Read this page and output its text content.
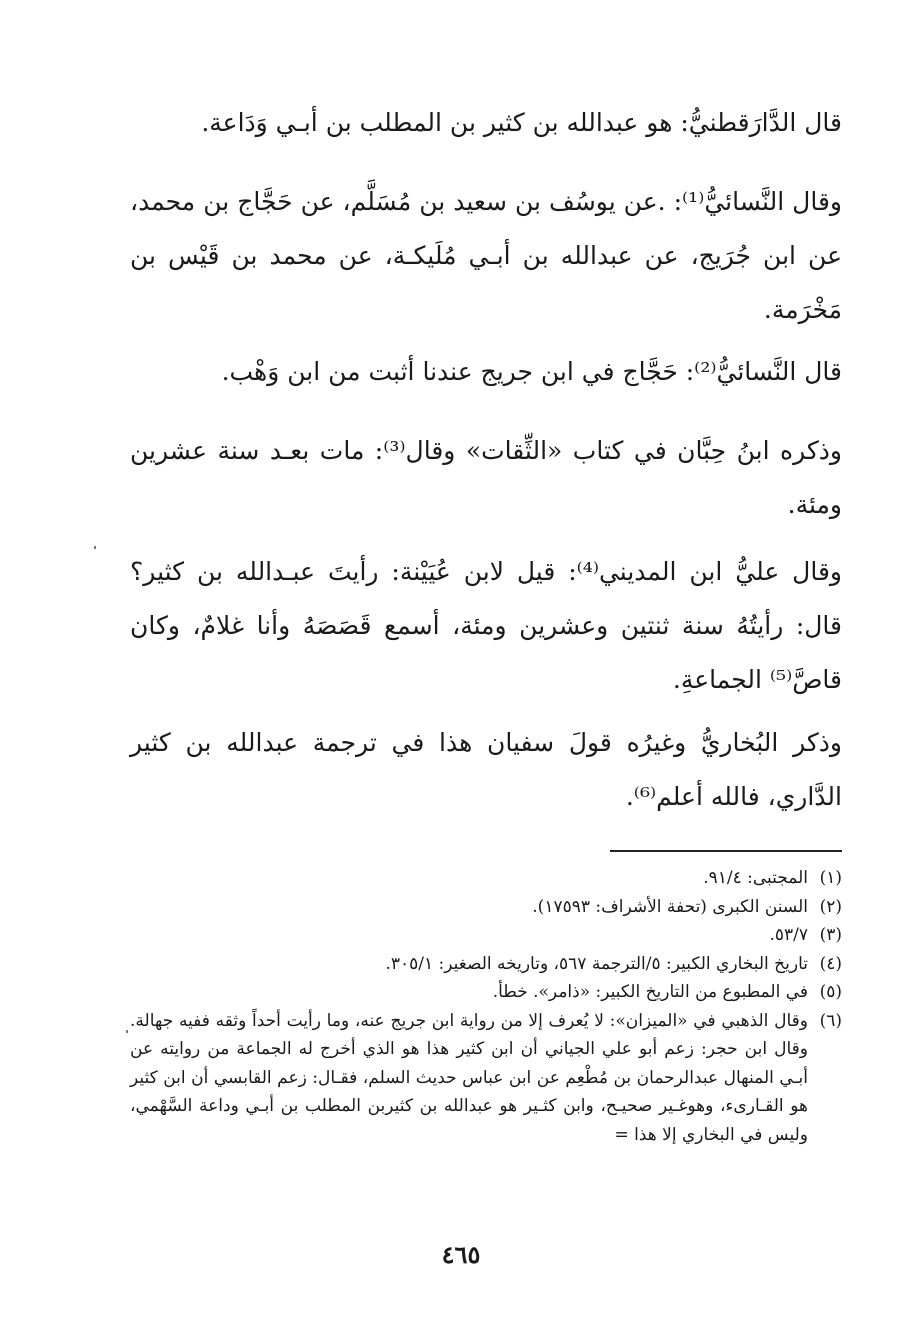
قال الدَّارَقطنيُّ: هو عبدالله بن كثير بن المطلب بن أبـي وَدَاعة.

وقال النَّسائيُّ⁽¹⁾: .عن يوسُف بن سعيد بن مُسَلَّم، عن حَجَّاج بن محمد، عن ابن جُرَيج، عن عبدالله بن أبـي مُلَيكـة، عن محمد بن قَيْس بن مَخْرَمة.

قال النَّسائيُّ⁽²⁾: حَجَّاج في ابن جريج عندنا أثبت من ابن وَهْب.

وذكره ابنُ حِبَّان في كتاب «الثِّقات» وقال⁽³⁾: مات بعـد سنة عشرين ومئة.

وقال عليُّ ابن المديني⁽⁴⁾: قيل لابن عُيَيْنة: رأيتَ عبـدالله بن كثير؟ قال: رأيتُهُ سنة ثنتين وعشرين ومئة، أسمع قَصَصَهُ وأنا غلامٌ، وكان قاصَّ⁽⁵⁾ الجماعةِ.

وذكر البُخاريُّ وغيرُه قولَ سفيان هذا في ترجمة عبدالله بن كثير الدَّاري، فالله أعلم⁽⁶⁾.

(١)
المجتبى: ٩١/٤.
(٢)
السنن الكبرى (تحفة الأشراف: ١٧٥٩٣).
(٣)
٥٣/٧.
(٤)
تاريخ البخاري الكبير: ٥/الترجمة ٥٦٧، وتاريخه الصغير: ٣٠٥/١.
(٥)
في المطبوع من التاريخ الكبير: «ذامر». خطأ.
(٦)
وقال الذهبي في «الميزان»: لا يُعرف إلا من رواية ابن جريج عنه، وما رأيت أحداً وثقه ففيه جهالة. وقال ابن حجر: زعم أبو علي الجياني أن ابن كثير هذا هو الذي أخرج له الجماعة من روايته عن أبـي المنهال عبدالرحمان بن مُطْعِم عن ابن عباس حديث السلم، فقـال: زعم القابسي أن ابن كثير هو القـارىء، وهوغـير صحيـح، وابن كثـير هو عبدالله بن كثيربن المطلب بن أبـي وداعة السَّهْمي، وليس في البخاري إلا هذا =
٤٦٥
